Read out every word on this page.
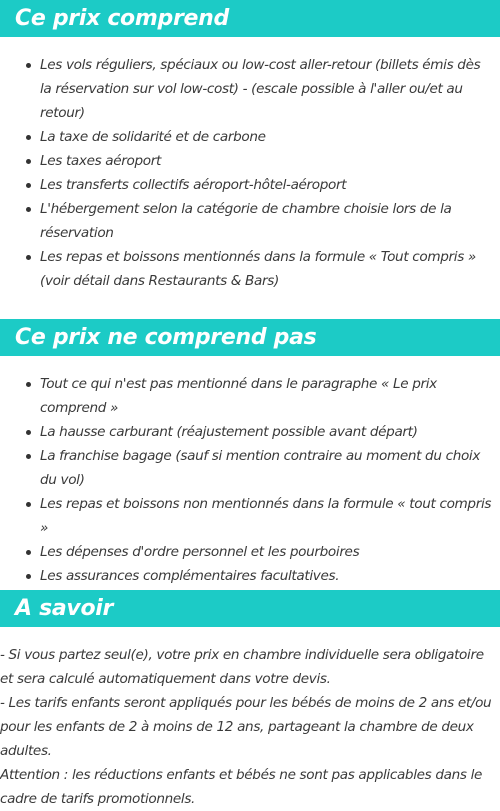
Ce prix comprend
Les vols réguliers, spéciaux ou low-cost aller-retour (billets émis dès la réservation sur vol low-cost) - (escale possible à l'aller ou/et au retour)
La taxe de solidarité et de carbone
Les taxes aéroport
Les transferts collectifs aéroport-hôtel-aéroport
L'hébergement selon la catégorie de chambre choisie lors de la réservation
Les repas et boissons mentionnés dans la formule « Tout compris » (voir détail dans Restaurants & Bars)
Ce prix ne comprend pas
Tout ce qui n'est pas mentionné dans le paragraphe « Le prix comprend »
La hausse carburant (réajustement possible avant départ)
La franchise bagage (sauf si mention contraire au moment du choix du vol)
Les repas et boissons non mentionnés dans la formule « tout compris »
Les dépenses d'ordre personnel et les pourboires
Les assurances complémentaires facultatives.
A savoir

- Si vous partez seul(e), votre prix en chambre individuelle sera obligatoire et sera calculé automatiquement dans votre devis.

- Les tarifs enfants seront appliqués pour les bébés de moins de 2 ans et/ou pour les enfants de 2 à moins de 12 ans, partageant la chambre de deux adultes.

Attention : les réductions enfants et bébés ne sont pas applicables dans le cadre de tarifs promotionnels.
